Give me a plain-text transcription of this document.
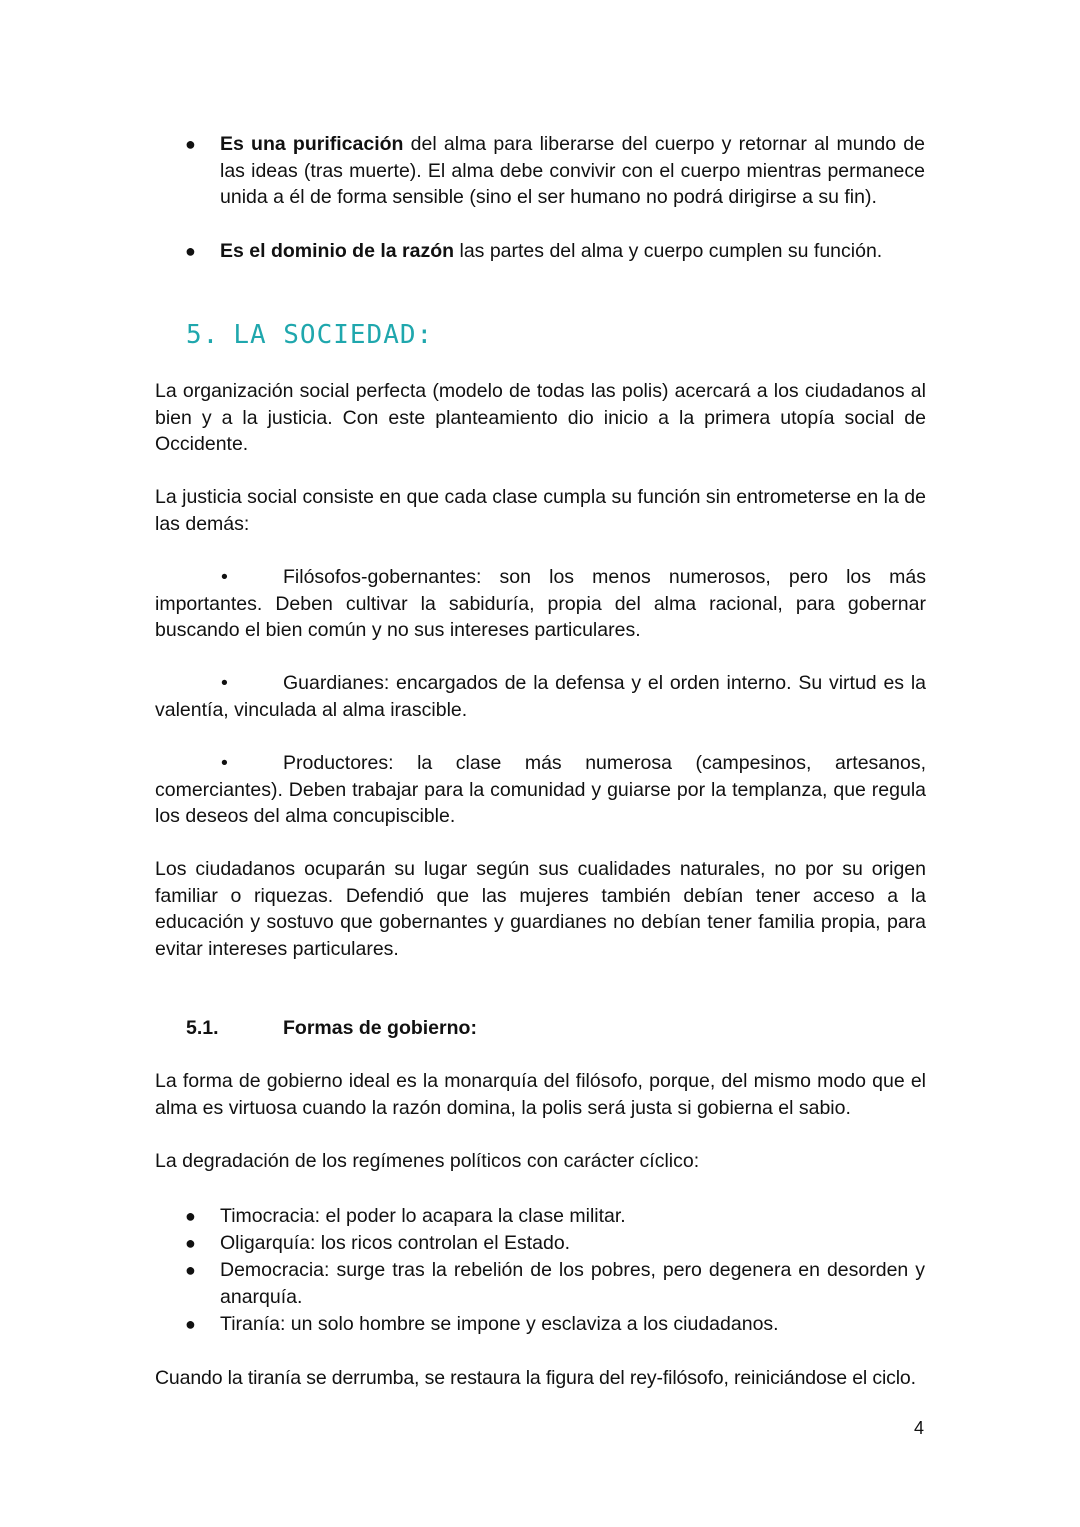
●
Es una purificación del alma para liberarse del cuerpo y retornar al mundo de las ideas (tras muerte). El alma debe convivir con el cuerpo mientras permanece unida a él de forma sensible (sino el ser humano no podrá dirigirse a su fin).
●
Es el dominio de la razón las partes del alma y cuerpo cumplen su función.
5. LA SOCIEDAD:
La organización social perfecta (modelo de todas las polis) acercará a los ciudadanos al bien y a la justicia. Con este planteamiento dio inicio a la primera utopía social de Occidente.
La justicia social consiste en que cada clase cumpla su función sin entrometerse en la de las demás:
•	Filósofos-gobernantes: son los menos numerosos, pero los más importantes. Deben cultivar la sabiduría, propia del alma racional, para gobernar buscando el bien común y no sus intereses particulares.
•	Guardianes: encargados de la defensa y el orden interno. Su virtud es la valentía, vinculada al alma irascible.
•	Productores: la clase más numerosa (campesinos, artesanos, comerciantes). Deben trabajar para la comunidad y guiarse por la templanza, que regula los deseos del alma concupiscible.
Los ciudadanos ocuparán su lugar según sus cualidades naturales, no por su origen familiar o riquezas. Defendió que las mujeres también debían tener acceso a la educación y sostuvo que gobernantes y guardianes no debían tener familia propia, para evitar intereses particulares.
5.1.	Formas de gobierno:
La forma de gobierno ideal es la monarquía del filósofo, porque, del mismo modo que el alma es virtuosa cuando la razón domina, la polis será justa si gobierna el sabio.
La degradación de los regímenes políticos con carácter cíclico:
●
Timocracia: el poder lo acapara la clase militar.
●
Oligarquía: los ricos controlan el Estado.
●
Democracia: surge tras la rebelión de los pobres, pero degenera en desorden y anarquía.
●
Tiranía: un solo hombre se impone y esclaviza a los ciudadanos.
Cuando la tiranía se derrumba, se restaura la figura del rey-filósofo, reiniciándose el ciclo.
4
